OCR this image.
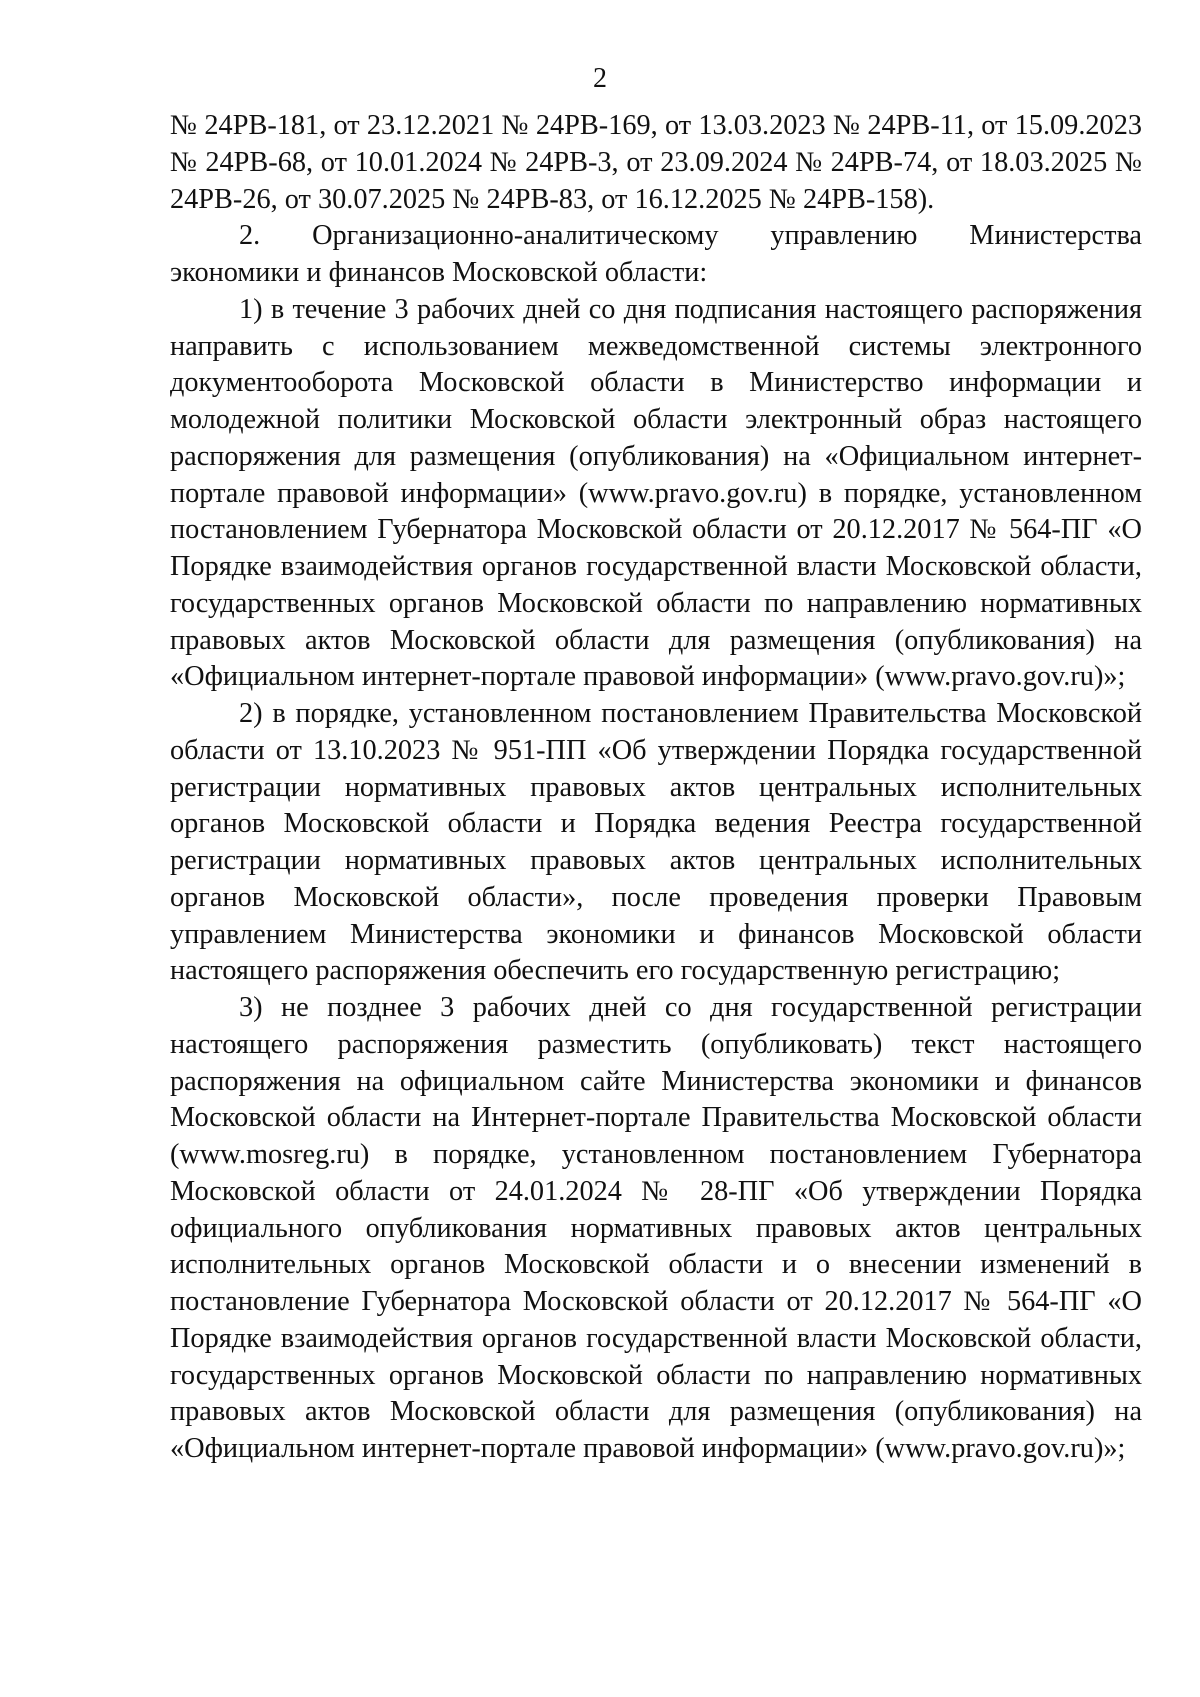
2

№ 24РВ-181, от 23.12.2021 № 24РВ-169, от 13.03.2023 № 24РВ-11, от 15.09.2023 № 24РВ-68, от 10.01.2024 № 24РВ-3, от 23.09.2024 № 24РВ-74, от 18.03.2025 № 24РВ-26, от 30.07.2025 № 24РВ-83, от 16.12.2025 № 24РВ-158).

2. Организационно-аналитическому управлению Министерства экономики и финансов Московской области:

1) в течение 3 рабочих дней со дня подписания настоящего распоряжения направить с использованием межведомственной системы электронного документооборота Московской области в Министерство информации и молодежной политики Московской области электронный образ настоящего распоряжения для размещения (опубликования) на «Официальном интернет-портале правовой информации» (www.pravo.gov.ru) в порядке, установленном постановлением Губернатора Московской области от 20.12.2017 № 564-ПГ «О Порядке взаимодействия органов государственной власти Московской области, государственных органов Московской области по направлению нормативных правовых актов Московской области для размещения (опубликования) на «Официальном интернет-портале правовой информации» (www.pravo.gov.ru)»;

2) в порядке, установленном постановлением Правительства Московской области от 13.10.2023 № 951-ПП «Об утверждении Порядка государственной регистрации нормативных правовых актов центральных исполнительных органов Московской области и Порядка ведения Реестра государственной регистрации нормативных правовых актов центральных исполнительных органов Московской области», после проведения проверки Правовым управлением Министерства экономики и финансов Московской области настоящего распоряжения обеспечить его государственную регистрацию;

3) не позднее 3 рабочих дней со дня государственной регистрации настоящего распоряжения разместить (опубликовать) текст настоящего распоряжения на официальном сайте Министерства экономики и финансов Московской области на Интернет-портале Правительства Московской области (www.mosreg.ru) в порядке, установленном постановлением Губернатора Московской области от 24.01.2024 № 28-ПГ «Об утверждении Порядка официального опубликования нормативных правовых актов центральных исполнительных органов Московской области и о внесении изменений в постановление Губернатора Московской области от 20.12.2017 № 564-ПГ «О Порядке взаимодействия органов государственной власти Московской области, государственных органов Московской области по направлению нормативных правовых актов Московской области для размещения (опубликования) на «Официальном интернет-портале правовой информации» (www.pravo.gov.ru)»;
